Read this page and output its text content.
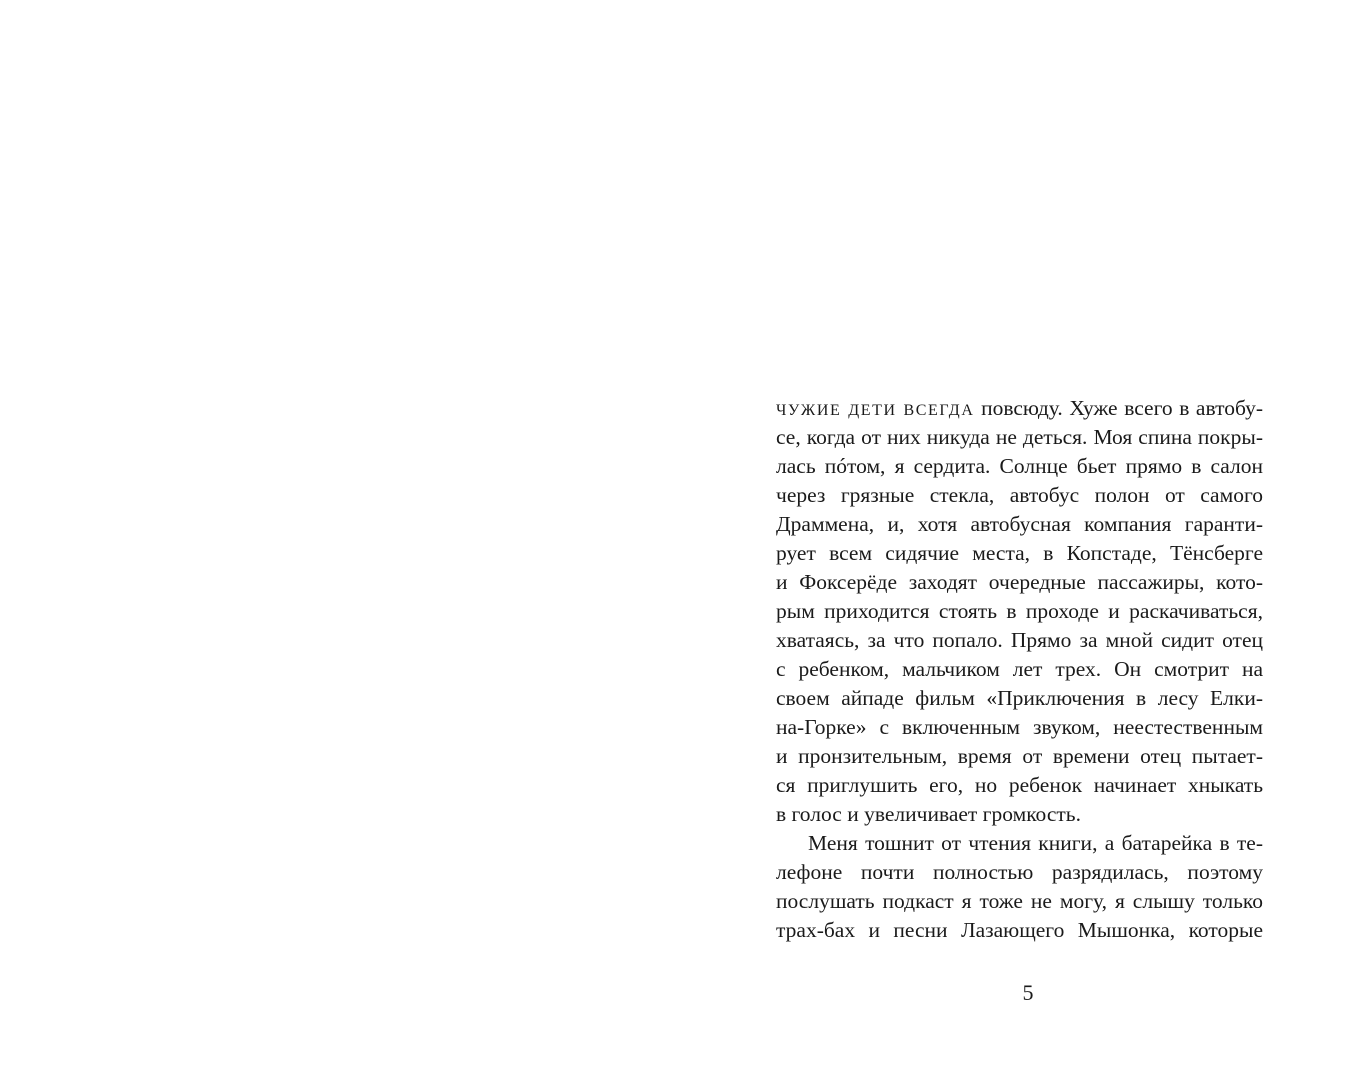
ЧУЖИЕ ДЕТИ ВСЕГДА повсюду. Хуже всего в автобу-
се, когда от них никуда не деться. Моя спина покры-
лась пóтом, я сердита. Солнце бьет прямо в салон
через грязные стекла, автобус полон от самого
Драммена, и, хотя автобусная компания гаранти-
рует всем сидячие места, в Копстаде, Тёнсберге
и Фоксерёде заходят очередные пассажиры, кото-
рым приходится стоять в проходе и раскачиваться,
хватаясь, за что попало. Прямо за мной сидит отец
с ребенком, мальчиком лет трех. Он смотрит на
своем айпаде фильм «Приключения в лесу Елки-
на-Горке» с включенным звуком, неестественным
и пронзительным, время от времени отец пытает-
ся приглушить его, но ребенок начинает хныкать
в голос и увеличивает громкость.
Меня тошнит от чтения книги, а батарейка в те-
лефоне почти полностью разрядилась, поэтому
послушать подкаст я тоже не могу, я слышу только
трах-бах и песни Лазающего Мышонка, которые
5
